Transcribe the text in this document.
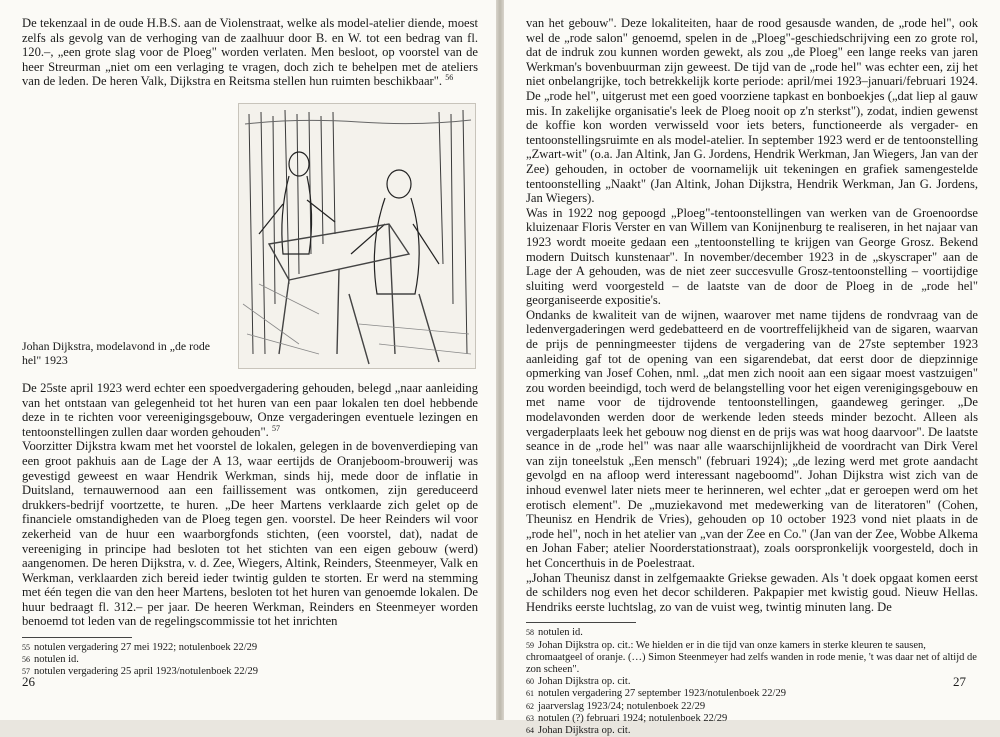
De tekenzaal in de oude H.B.S. aan de Violenstraat, welke als model-atelier diende, moest zelfs als gevolg van de verhoging van de zaalhuur door B. en W. tot een bedrag van fl. 120.–, „een grote slag voor de Ploeg" worden verlaten. Men besloot, op voorstel van de heer Streurman „niet om een verlaging te vragen, doch zich te behelpen met de ateliers van de leden. De heren Valk, Dijkstra en Reitsma stellen hun ruimten beschikbaar". $^{56}$

Johan Dijkstra, modelavond in „de rode hel" 1923

De 25ste april 1923 werd echter een spoedvergadering gehouden, belegd „naar aanleiding van het ontstaan van gelegenheid tot het huren van een paar lokalen ten doel hebbende deze in te richten voor vereenigingsgebouw, Onze vergaderingen eventuele lezingen en tentoonstellingen zullen daar worden gehouden". $^{57}$

Voorzitter Dijkstra kwam met het voorstel de lokalen, gelegen in de bovenverdieping van een groot pakhuis aan de Lage der A 13, waar eertijds de Oranjeboom-brouwerij was gevestigd geweest en waar Hendrik Werkman, sinds hij, mede door de inflatie in Duitsland, ternauwernood aan een faillissement was ontkomen, zijn gereduceerd drukkers-bedrijf voortzette, te huren. „De heer Martens verklaarde zich gelet op de financiele omstandigheden van de Ploeg tegen gen. voorstel. De heer Reinders wil voor zekerheid van de huur een waarborgfonds stichten, (een voorstel, dat), nadat de vereeniging in principe had besloten tot het stichten van een eigen gebouw (werd) aangenomen. De heren Dijkstra, v. d. Zee, Wiegers, Altink, Reinders, Steenmeyer, Valk en Werkman, verklaarden zich bereid ieder twintig gulden te storten. Er werd na stemming met één tegen die van den heer Martens, besloten tot het huren van genoemde lokalen. De huur bedraagt fl. 312.– per jaar. De heeren Werkman, Reinders en Steenmeyer worden benoemd tot leden van de regelingscommissie tot het inrichten

55 notulen vergadering 27 mei 1922; notulenboek 22/29

56 notulen id.

57 notulen vergadering 25 april 1923/notulenboek 22/29

26

van het gebouw". Deze lokaliteiten, haar de rood gesausde wanden, de „rode hel", ook wel de „rode salon" genoemd, spelen in de „Ploeg"-geschiedschrijving een zo grote rol, dat de indruk zou kunnen worden gewekt, als zou „de Ploeg" een lange reeks van jaren Werkman's bovenbuurman zijn geweest. De tijd van de „rode hel" was echter een, zij het niet onbelangrijke, toch betrekkelijk korte periode: april/mei 1923–januari/februari 1924. De „rode hel", uitgerust met een goed voorziene tapkast en bonboekjes („dat liep al gauw mis. In zakelijke organisatie's leek de Ploeg nooit op z'n sterkst"), zodat, indien gewenst de koffie kon worden verwisseld voor iets beters, functioneerde als vergader- en tentoonstellingsruimte en als model-atelier. In september 1923 werd er de tentoonstelling „Zwart-wit" (o.a. Jan Altink, Jan G. Jordens, Hendrik Werkman, Jan Wiegers, Jan van der Zee) gehouden, in october de voornamelijk uit tekeningen en grafiek samengestelde tentoonstelling „Naakt" (Jan Altink, Johan Dijkstra, Hendrik Werkman, Jan G. Jordens, Jan Wiegers).

Was in 1922 nog gepoogd „Ploeg"-tentoonstellingen van werken van de Groenoordse kluizenaar Floris Verster en van Willem van Konijnenburg te realiseren, in het najaar van 1923 wordt moeite gedaan een „tentoonstelling te krijgen van George Grosz. Bekend modern Duitsch kunstenaar". In november/december 1923 in de „skyscraper" aan de Lage der A gehouden, was de niet zeer succesvulle Grosz-tentoonstelling – voortijdige sluiting werd voorgesteld – de laatste van de door de Ploeg in de „rode hel" georganiseerde expositie's.

Ondanks de kwaliteit van de wijnen, waarover met name tijdens de rondvraag van de ledenvergaderingen werd gedebatteerd en de voortreffelijkheid van de sigaren, waarvan de prijs de penningmeester tijdens de vergadering van de 27ste september 1923 aanleiding gaf tot de opening van een sigarendebat, dat eerst door de diepzinnige opmerking van Josef Cohen, nml. „dat men zich nooit aan een sigaar moest vastzuigen" zou worden beeindigd, toch werd de belangstelling voor het eigen verenigingsgebouw en met name voor de tijdrovende tentoonstellingen, gaandeweg geringer. „De modelavonden werden door de werkende leden steeds minder bezocht. Alleen als vergaderplaats leek het gebouw nog dienst en de prijs was wat hoog daarvoor". De laatste seance in de „rode hel" was naar alle waarschijnlijkheid de voordracht van Dirk Verel van zijn toneelstuk „Een mensch" (februari 1924); „de lezing werd met grote aandacht gevolgd en na afloop werd interessant nageboomd". Johan Dijkstra wist zich van de inhoud evenwel later niets meer te herinneren, wel echter „dat er geroepen werd om het erotisch element". De „muziekavond met medewerking van de literatoren" (Cohen, Theunisz en Hendrik de Vries), gehouden op 10 october 1923 vond niet plaats in de „rode hel", noch in het atelier van „van der Zee en Co." (Jan van der Zee, Wobbe Alkema en Johan Faber; atelier Noorderstationstraat), zoals oorspronkelijk voorgesteld, doch in het Concerthuis in de Poelestraat.

„Johan Theunisz danst in zelfgemaakte Griekse gewaden. Als 't doek opgaat komen eerst de schilders nog even het decor schilderen. Pakpapier met kwistig goud. Nieuw Hellas. Hendriks eerste luchtslag, zo van de vuist weg, twintig minuten lang. De

58 notulen id.

59 Johan Dijkstra op. cit.: We hielden er in die tijd van onze kamers in sterke kleuren te sausen, chromaatgeel of oranje. (…) Simon Steenmeyer had zelfs wanden in rode menie, 't was daar net of altijd de zon scheen".

60 Johan Dijkstra op. cit.

61 notulen vergadering 27 september 1923/notulenboek 22/29

62 jaarverslag 1923/24; notulenboek 22/29

63 notulen (?) februari 1924; notulenboek 22/29

64 Johan Dijkstra op. cit.

27
